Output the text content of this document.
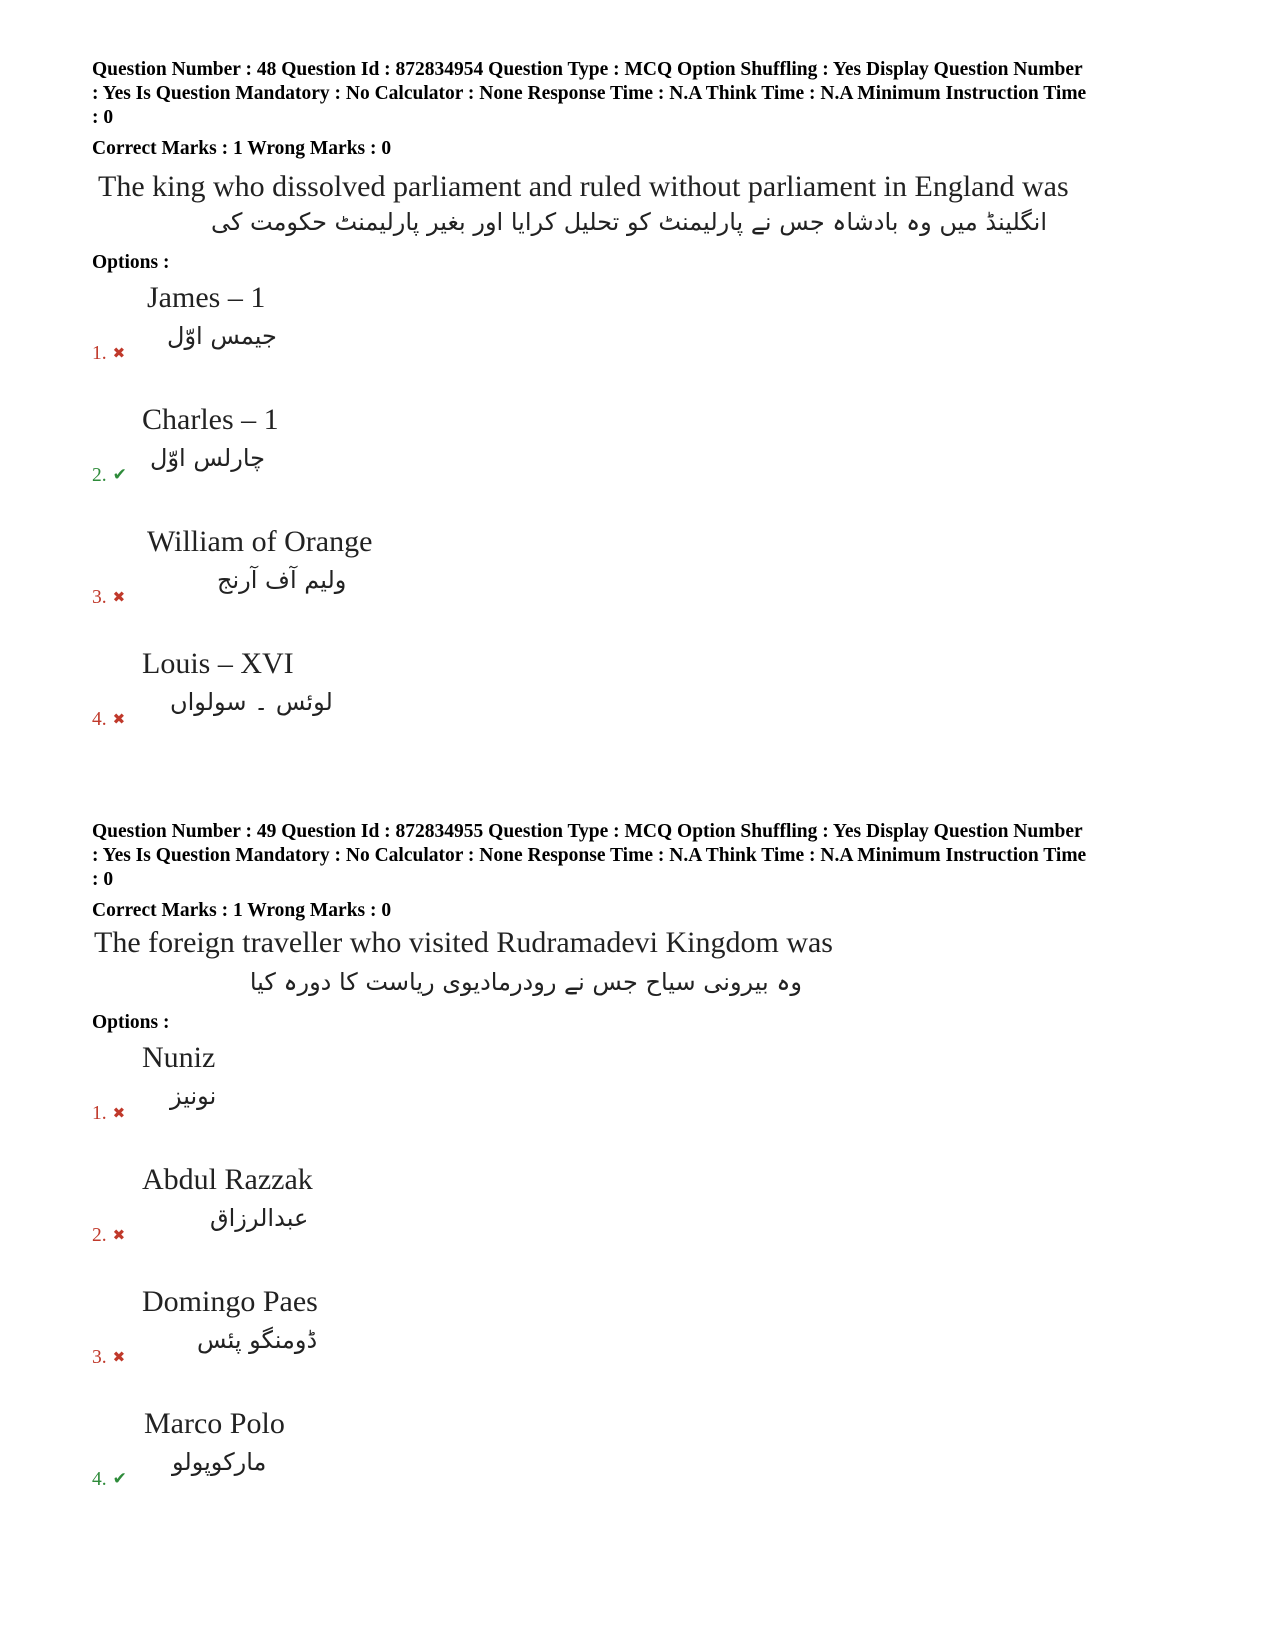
Question Number : 48 Question Id : 872834954 Question Type : MCQ Option Shuffling : Yes Display Question Number
: Yes Is Question Mandatory : No Calculator : None Response Time : N.A Think Time : N.A Minimum Instruction Time
: 0
Correct Marks : 1 Wrong Marks : 0
The king who dissolved parliament and ruled without parliament in England was
انگلینڈ میں وہ بادشاہ جس نے پارلیمنٹ کو تحلیل کرایا اور بغیر پارلیمنٹ حکومت کی
Options :
James – 1
جیمس اوّل
1. ✖
Charles – 1
چارلس اوّل
2. ✔
William of Orange
ولیم آف آرنج
3. ✖
Louis – XVI
لوئس ۔ سولواں
4. ✖
Question Number : 49 Question Id : 872834955 Question Type : MCQ Option Shuffling : Yes Display Question Number
: Yes Is Question Mandatory : No Calculator : None Response Time : N.A Think Time : N.A Minimum Instruction Time
: 0
Correct Marks : 1 Wrong Marks : 0
The foreign traveller who visited Rudramadevi Kingdom was
وہ بیرونی سیاح جس نے رودرمادیوی ریاست کا دورہ کیا
Options :
Nuniz
نونیز
1. ✖
Abdul Razzak
عبدالرزاق
2. ✖
Domingo Paes
ڈومنگو پئس
3. ✖
Marco Polo
مارکوپولو
4. ✔
